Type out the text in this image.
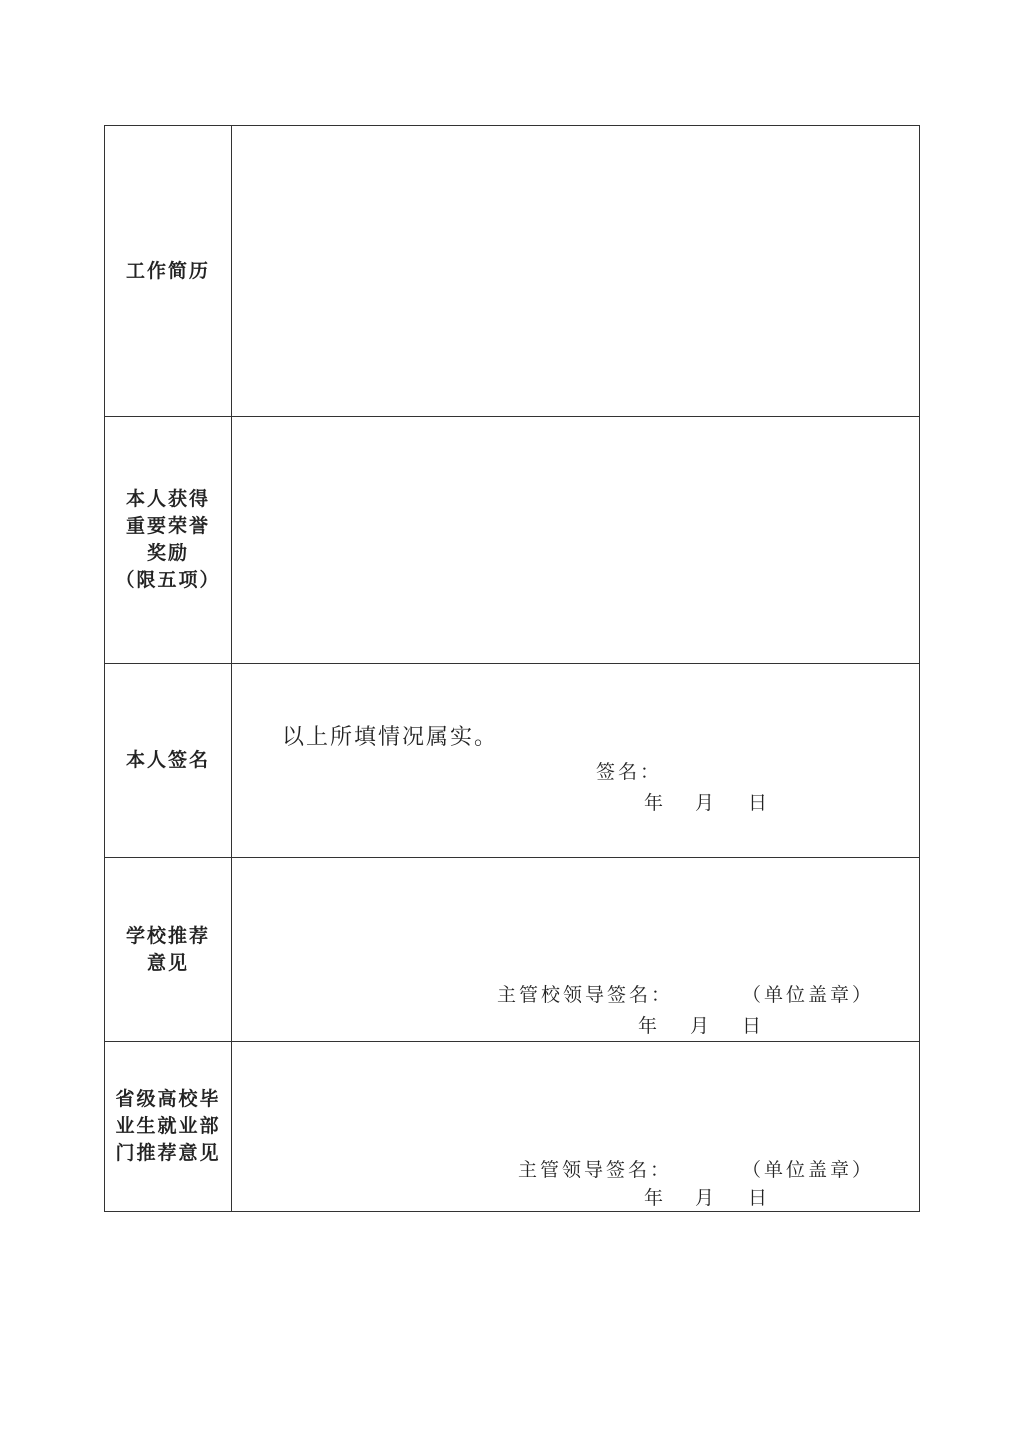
工作简历
本人获得
重要荣誉
奖励
（限五项）
本人签名
以上所填情况属实。
签名：
年 月 日
学校推荐
意见
主管校领导签名：	（单位盖章）
年 月 日
省级高校毕
业生就业部
门推荐意见
主管领导签名：	（单位盖章）
年 月 日
